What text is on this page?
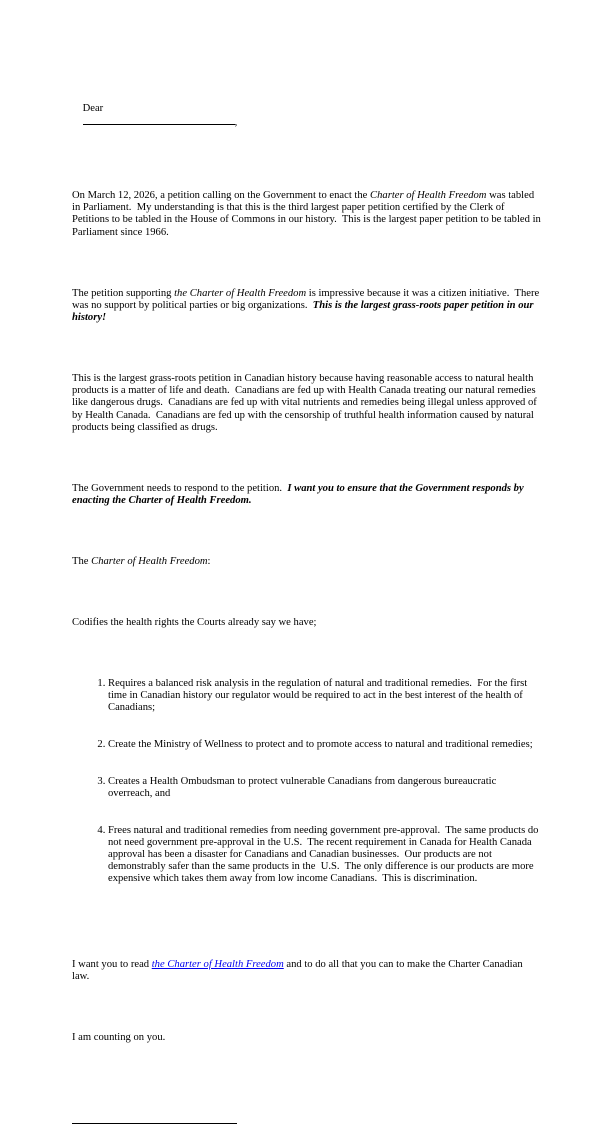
Dear
,

On March 12, 2026, a petition calling on the Government to enact the Charter of Health Freedom was tabled in Parliament.  My understanding is that this is the third largest paper petition certified by the Clerk of Petitions to be tabled in the House of Commons in our history.  This is the largest paper petition to be tabled in Parliament since 1966.

The petition supporting the Charter of Health Freedom is impressive because it was a citizen initiative.  There was no support by political parties or big organizations.  This is the largest grass-roots paper petition in our history!

This is the largest grass-roots petition in Canadian history because having reasonable access to natural health products is a matter of life and death.  Canadians are fed up with Health Canada treating our natural remedies like dangerous drugs.  Canadians are fed up with vital nutrients and remedies being illegal unless approved of by Health Canada.  Canadians are fed up with the censorship of truthful health information caused by natural products being classified as drugs.

The Government needs to respond to the petition.  I want you to ensure that the Government responds by enacting the Charter of Health Freedom.

The Charter of Health Freedom:

Codifies the health rights the Courts already say we have;

1. Requires a balanced risk analysis in the regulation of natural and traditional remedies.  For the first time in Canadian history our regulator would be required to act in the best interest of the health of Canadians;

2. Create the Ministry of Wellness to protect and to promote access to natural and traditional remedies;

3. Creates a Health Ombudsman to protect vulnerable Canadians from dangerous bureaucratic overreach, and

4. Frees natural and traditional remedies from needing government pre-approval.  The same products do not need government pre-approval in the U.S.  The recent requirement in Canada for Health Canada approval has been a disaster for Canadians and Canadian businesses.  Our products are not demonstrably safer than the same products in the  U.S.  The only difference is our products are more expensive which takes them away from low income Canadians.  This is discrimination.

I want you to read the Charter of Health Freedom and to do all that you can to make the Charter Canadian law.

I am counting on you.
